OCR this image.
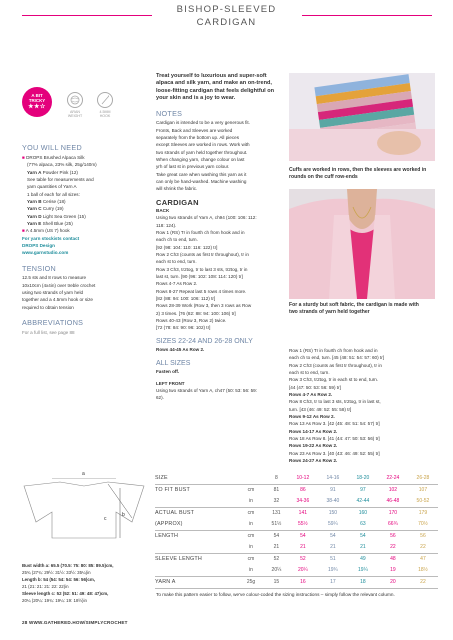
BISHOP-SLEEVED CARDIGAN
A BIT
TRICKY
★★☆
ARAN
WEIGHT
4.5MM
HOOK
YOU WILL NEED

■ DROPS Brushed Alpaca Silk

(77% alpaca, 23% silk, 25g/140m)

Yarn A Powder Pink (12)

See table for measurements and

yarn quantities of Yarn A

1 ball of each for all sizes:

Yarn B Cerise (18)

Yarn C Curry (19)

Yarn D Light Sea Green (15)

Yarn E Shell Blue (25)

■ A 4.5mm (US 7) hook

For yarn stockists contact

DROPS Design

www.garnstudio.com

TENSION

12.5 sts and 8 rows to measure

10x10cm (4x4in) over treble crochet

using two strands of yarn held

together and a 4.5mm hook or size

required to obtain tension

ABBREVIATIONS

For a full list, see page 88

Treat yourself to luxurious and super-soft alpaca and silk yarn, and make an on-trend, loose-fitting cardigan that feels delightful on your skin and is a joy to wear.

NOTES

Cardigan is intended to be a very generous fit.

Fronts, Back and Sleeves are worked

separately from the bottom up. All pieces

except Sleeves are worked in rows. Work with

two strands of yarn held together throughout.

When changing yarn, change colour on last

yrh of last st in previous yarn colour.

Take great care when washing this yarn as it

can only be hand-washed. Machine washing

will shrink the fabric.

CARDIGAN

BACK

Using two strands of Yarn A, ch94 (100: 106: 112:

118: 124).

Row 1 (RS) Tr in fourth ch from hook and in

each ch to end, turn.

[92 (98: 104: 110: 116: 122) tr]

Row 2 Ch3 (counts as first tr throughout), tr in

each st to end, turn.

Row 3 Ch3, tr2tog, tr to last 3 sts, tr2tog, tr in

last st, turn. [90 (96: 102: 108: 114: 120) tr]

Rows 4-7 As Row 2.

Rows 8-27 Repeat last 5 rows 4 times more.

[82 (88: 94: 100: 106: 112) tr]

Rows 28-39 Work (Row 3, then 3 rows as Row

2) 3 times. [76 (82: 88: 94: 100: 106) tr]

Rows 40-43 (Row 3, Row 2) twice.

[72 (78: 84: 90: 96: 102) tr]

SIZES 22-24 AND 26-28 ONLY

Rows 44-45 As Row 2.

ALL SIZES

Fasten off.

LEFT FRONT

Using two strands of Yarn A, ch47 (50: 53: 56: 59:

62).

Cuffs are worked in rows, then the sleeves are worked in rounds on the cuff row-ends
For a sturdy but soft fabric, the cardigan is made with two strands of yarn held together

Row 1 (RS) Tr in fourth ch from hook and in

each ch to end, turn. [45 (48: 51: 54: 57: 60) tr]

Row 2 Ch3 (counts as first tr throughout), tr in

each st to end, turn.

Row 3 Ch3, tr2tog, tr in each st to end, turn.

[44 (47: 50: 53: 56: 59) tr]

Rows 4-7 As Row 2.

Row 8 Ch3, tr to last 3 sts, tr2tog, tr in last st,

turn. [43 (46: 49: 52: 55: 58) tr]

Rows 9-12 As Row 2.

Row 13 As Row 3. [42 (45: 48: 51: 54: 57) tr]

Rows 14-17 As Row 2.

Row 18 As Row 8. [41 (44: 47: 50: 53: 56) tr]

Rows 19-22 As Row 2.

Row 23 As Row 3. [40 (43: 46: 49: 52: 55) tr]

Rows 24-27 As Row 2.

a
b
c

Bust width a: 65.5 (70.5: 75: 80: 85: 89.5)cm,

25¾ (27¾: 29½: 31½: 33½: 35¼)in

Length b: 54 (54: 54: 54: 56: 56)cm,

21 (21: 21: 21: 22: 22)in

Sleeve length c: 52 (52: 51: 49: 48: 47)cm,

20¼ (20¼: 19¾: 19¼: 19: 18½)in

SIZE		8	10-12	14-16	18-20	22-24	26-28
TO FIT BUST	cm	81	86	91	97	102	107
	in	32	34-36	38-40	42-44	46-48	50-52
ACTUAL BUST	cm	131	141	150	160	170	179
(APPROX)	in	51½	55½	59¼	63	66¾	70½
LENGTH	cm	54	54	54	54	56	56
	in	21	21	21	21	22	22
SLEEVE LENGTH	cm	52	52	51	49	48	47
	in	20¼	20¼	19¾	19¼	19	18½
YARN A	25g	15	16	17	18	20	22
To make this pattern easier to follow, we've colour-coded the sizing instructions – simply follow the relevant column.
28 WWW.GATHERED.HOW/SIMPLYCROCHET
